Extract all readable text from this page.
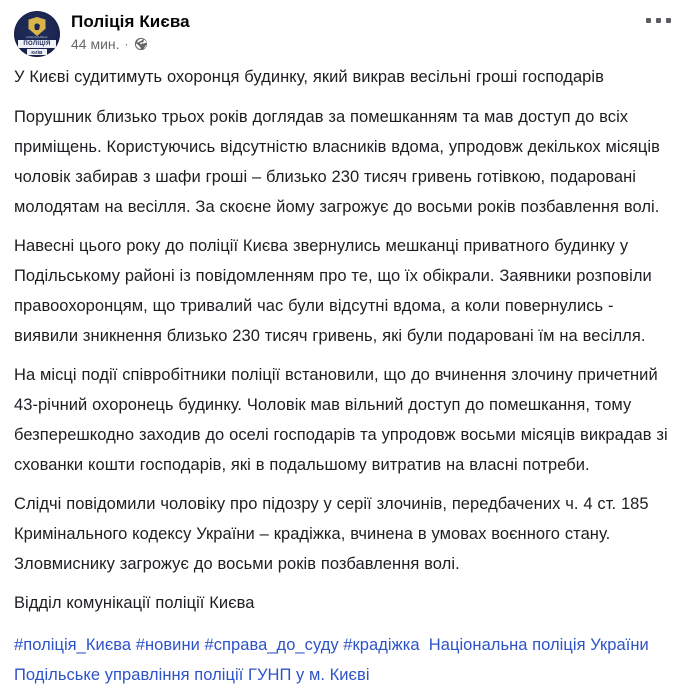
НАЦІОНАЛЬНА
ПОЛІЦІЯ
КИЇВ
Поліція Києва
44 мин. ·

У Києві судитимуть охоронця будинку, який викрав весільні гроші господарів

Порушник близько трьох років доглядав за помешканням та мав доступ до всіх приміщень. Користуючись відсутністю власників вдома, упродовж декількох місяців чоловік забирав з шафи гроші – близько 230 тисяч гривень готівкою, подаровані молодятам на весілля. За скоєне йому загрожує до восьми років позбавлення волі.

Навесні цього року до поліції Києва звернулись мешканці приватного будинку у Подільському районі із повідомленням про те, що їх обікрали. Заявники розповіли правоохоронцям, що тривалий час були відсутні вдома, а коли повернулись - виявили зникнення близько 230 тисяч гривень, які були подаровані їм на весілля.

На місці події співробітники поліції встановили, що до вчинення злочину причетний 43-річний охоронець будинку. Чоловік мав вільний доступ до помешкання, тому безперешкодно заходив до оселі господарів та упродовж восьми місяців викрадав зі схованки кошти господарів, які в подальшому витратив на власні потреби.

Слідчі повідомили чоловіку про підозру у серії злочинів, передбачених ч. 4 ст. 185 Кримінального кодексу України – крадіжка, вчинена в умовах воєнного стану. Зловмиснику загрожує до восьми років позбавлення волі.

Відділ комунікації поліції Києва

#поліція_Києва #новини #справа_до_суду #крадіжка Національна поліція України Подільське управління поліції ГУНП у м. Києві
